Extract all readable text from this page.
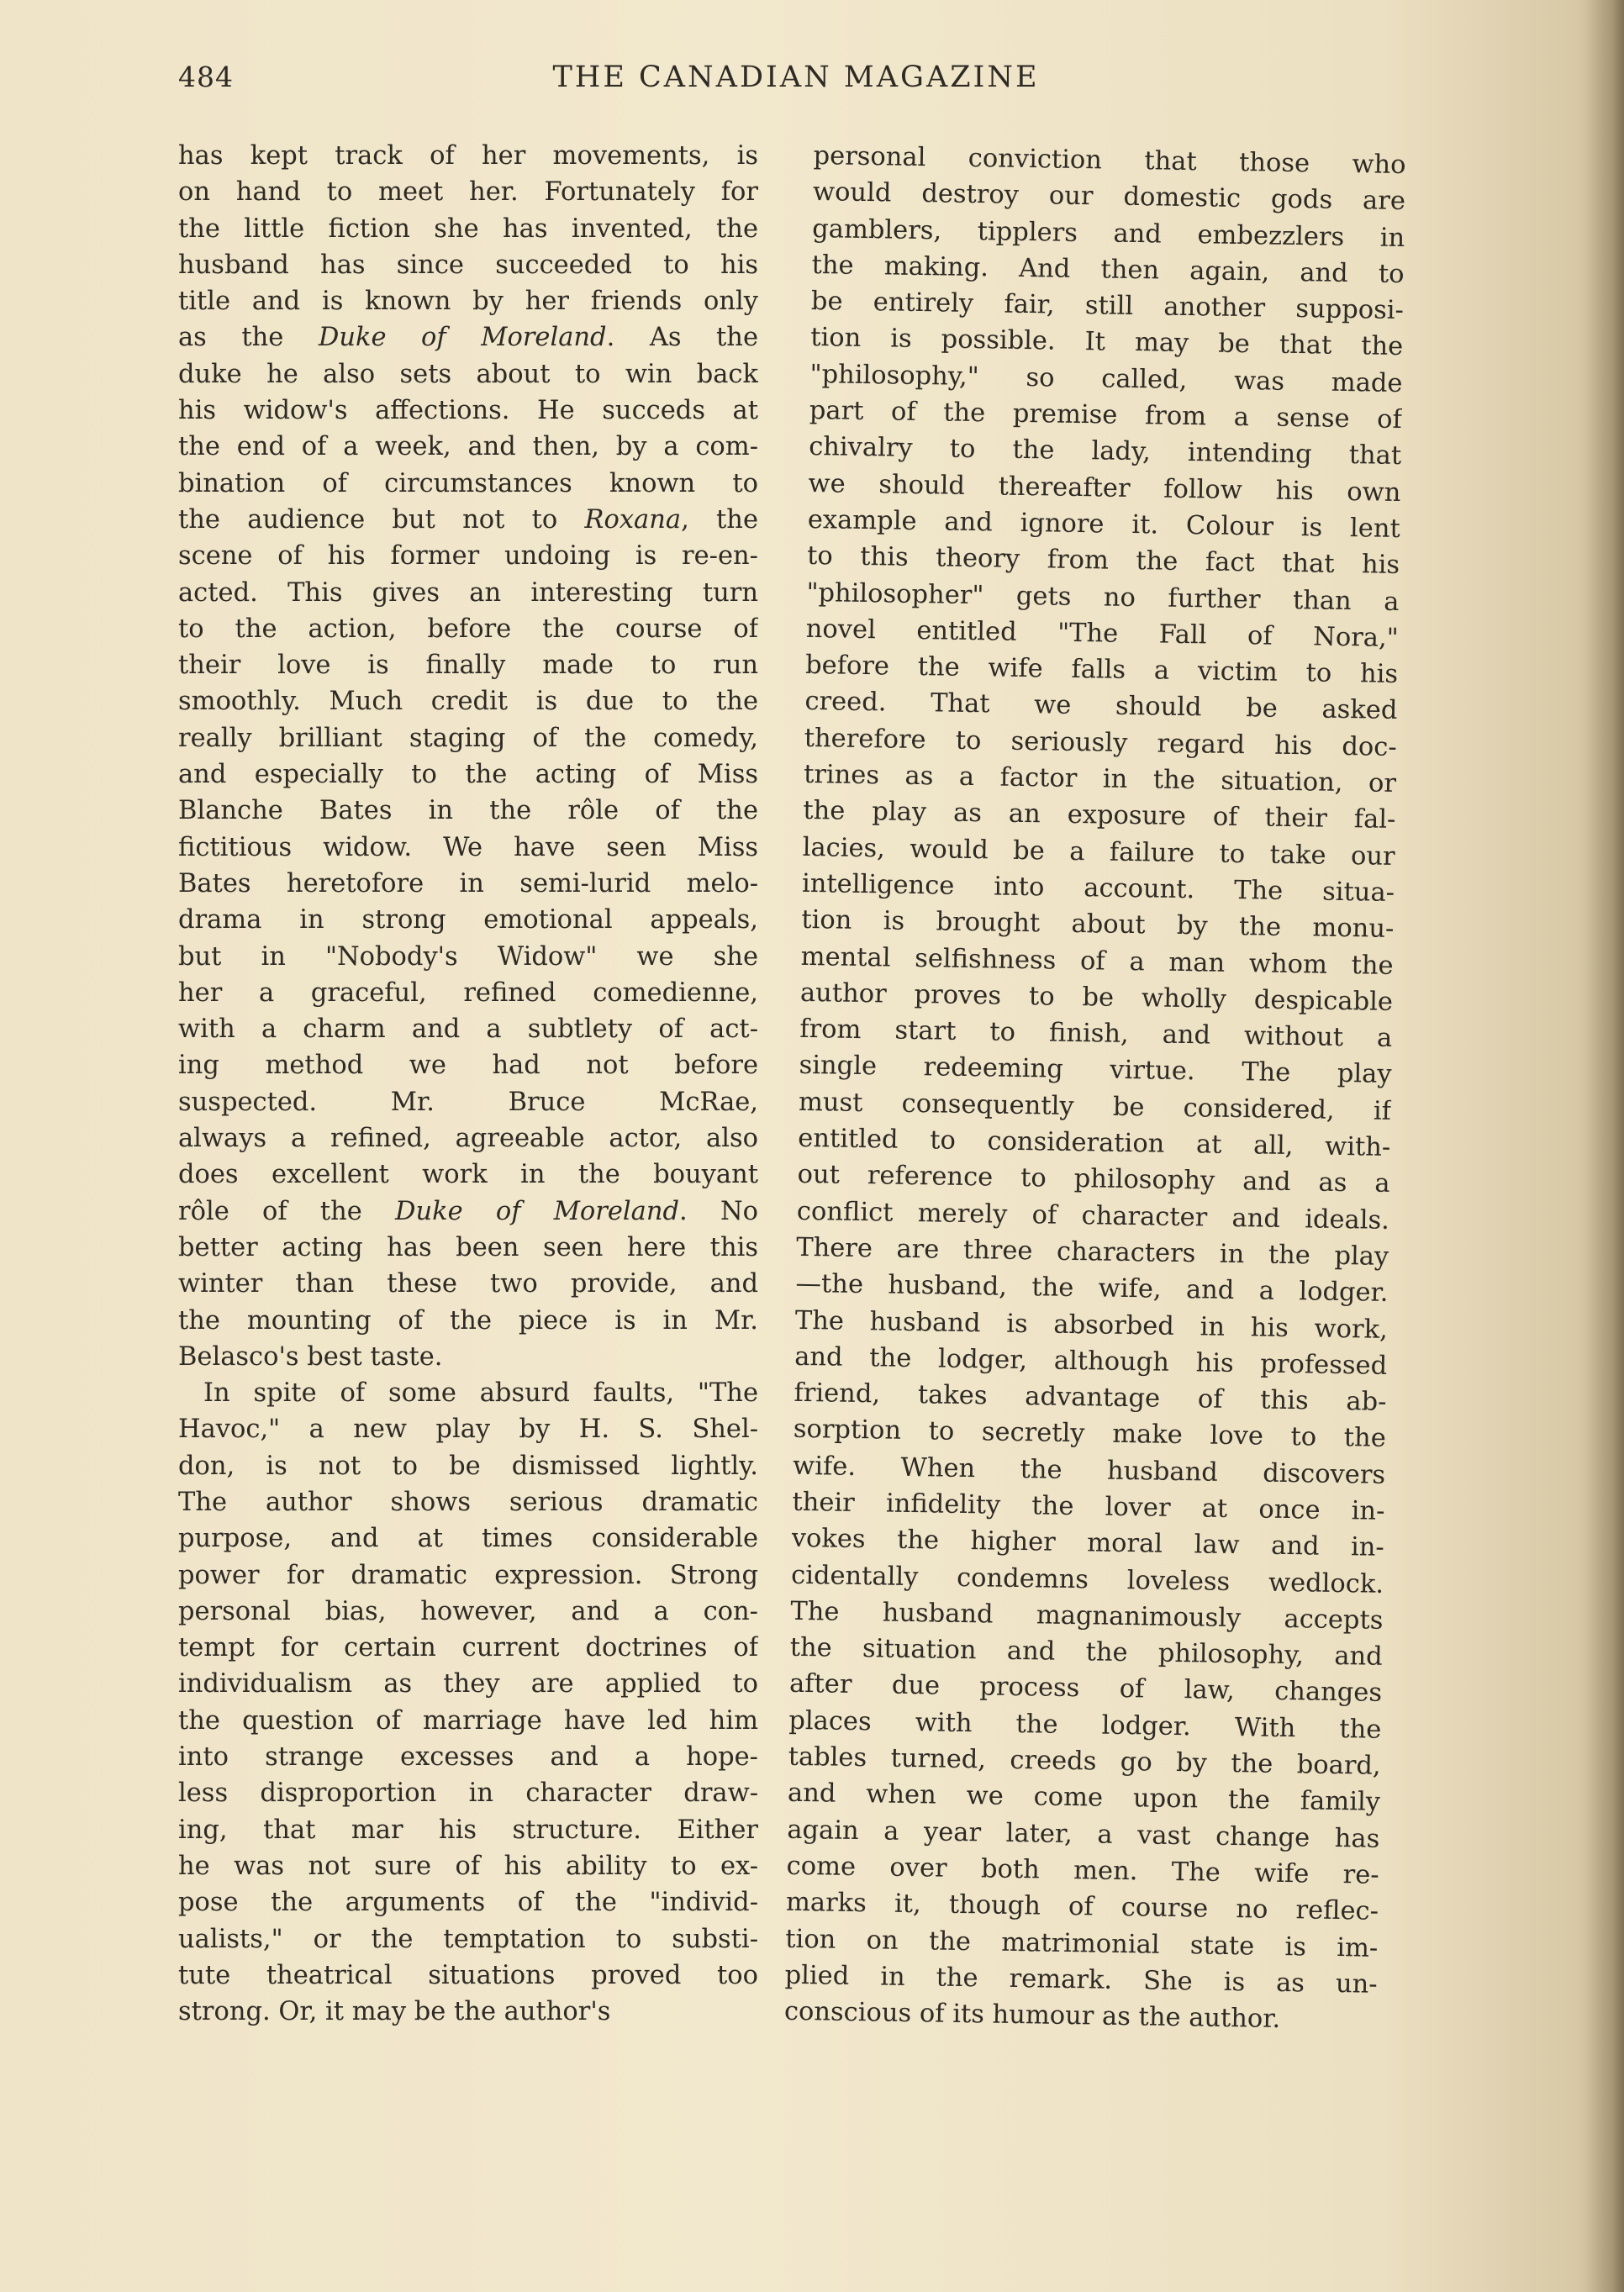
484	THE CANADIAN MAGAZINE
has kept track of her movements, is
on hand to meet her. Fortunately for
the little fiction she has invented, the
husband has since succeeded to his
title and is known by her friends only
as the Duke of Moreland. As the
duke he also sets about to win back
his widow's affections. He succeds at
the end of a week, and then, by a com-
bination of circumstances known to
the audience but not to Roxana, the
scene of his former undoing is re-en-
acted. This gives an interesting turn
to the action, before the course of
their love is finally made to run
smoothly. Much credit is due to the
really brilliant staging of the comedy,
and especially to the acting of Miss
Blanche Bates in the rôle of the
fictitious widow. We have seen Miss
Bates heretofore in semi-lurid melo-
drama in strong emotional appeals,
but in "Nobody's Widow" we she
her a graceful, refined comedienne,
with a charm and a subtlety of act-
ing method we had not before
suspected. Mr. Bruce McRae,
always a refined, agreeable actor, also
does excellent work in the bouyant
rôle of the Duke of Moreland. No
better acting has been seen here this
winter than these two provide, and
the mounting of the piece is in Mr.
Belasco's best taste.
In spite of some absurd faults, "The
Havoc," a new play by H. S. Shel-
don, is not to be dismissed lightly.
The author shows serious dramatic
purpose, and at times considerable
power for dramatic expression. Strong
personal bias, however, and a con-
tempt for certain current doctrines of
individualism as they are applied to
the question of marriage have led him
into strange excesses and a hope-
less disproportion in character draw-
ing, that mar his structure. Either
he was not sure of his ability to ex-
pose the arguments of the "individ-
ualists," or the temptation to substi-
tute theatrical situations proved too
strong. Or, it may be the author's
personal conviction that those who
would destroy our domestic gods are
gamblers, tipplers and embezzlers in
the making. And then again, and to
be entirely fair, still another supposi-
tion is possible. It may be that the
"philosophy," so called, was made
part of the premise from a sense of
chivalry to the lady, intending that
we should thereafter follow his own
example and ignore it. Colour is lent
to this theory from the fact that his
"philosopher" gets no further than a
novel entitled "The Fall of Nora,"
before the wife falls a victim to his
creed. That we should be asked
therefore to seriously regard his doc-
trines as a factor in the situation, or
the play as an exposure of their fal-
lacies, would be a failure to take our
intelligence into account. The situa-
tion is brought about by the monu-
mental selfishness of a man whom the
author proves to be wholly despicable
from start to finish, and without a
single redeeming virtue. The play
must consequently be considered, if
entitled to consideration at all, with-
out reference to philosophy and as a
conflict merely of character and ideals.
There are three characters in the play
—the husband, the wife, and a lodger.
The husband is absorbed in his work,
and the lodger, although his professed
friend, takes advantage of this ab-
sorption to secretly make love to the
wife. When the husband discovers
their infidelity the lover at once in-
vokes the higher moral law and in-
cidentally condemns loveless wedlock.
The husband magnanimously accepts
the situation and the philosophy, and
after due process of law, changes
places with the lodger. With the
tables turned, creeds go by the board,
and when we come upon the family
again a year later, a vast change has
come over both men. The wife re-
marks it, though of course no reflec-
tion on the matrimonial state is im-
plied in the remark. She is as un-
conscious of its humour as the author.
